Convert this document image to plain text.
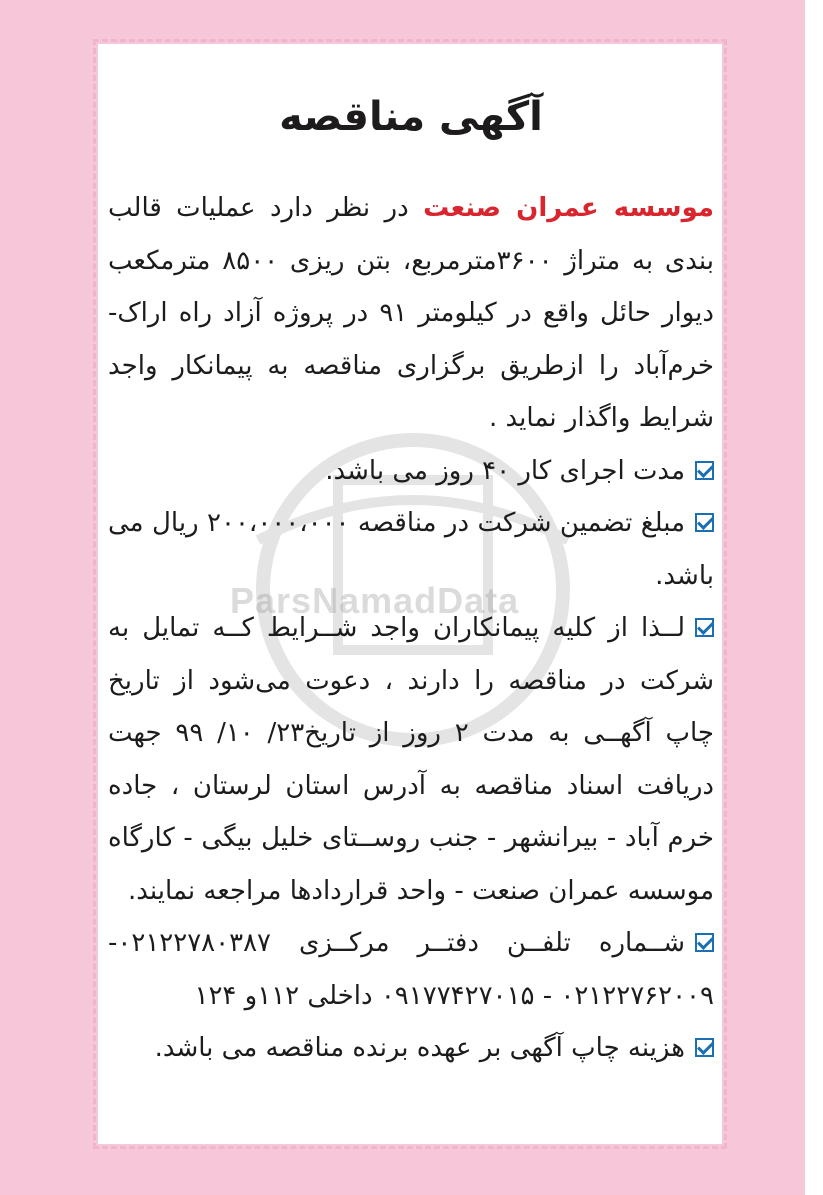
ParsNamadData
آگهی مناقصه

موسسه عمران صنعت در نظر دارد عملیات قالب بندی به متراژ ۳۶۰۰مترمربع، بتن ریزی ۸۵۰۰ مترمکعب دیوار حائل واقع در کیلومتر ۹۱ در پروژه آزاد راه اراک- خرم‌آباد را ازطریق برگزاری مناقصه به پیمانکار واجد شرایط واگذار نماید .

مدت اجرای کار ۴۰ روز می باشد.

مبلغ تضمین شرکت در مناقصه ۲۰۰،۰۰۰،۰۰۰ ریال می باشد.

لــذا از کلیه پیمانکاران واجد شــرایط کــه تمایل به شرکت در مناقصه را دارند ، دعوت می‌شود از تاریخ چاپ آگهــی به مدت ۲ روز از تاریخ۲۳/ ۱۰/ ۹۹ جهت دریافت اسناد مناقصه به آدرس استان لرستان ، جاده خرم آباد - بیرانشهر - جنب روســتای خلیل بیگی - کارگاه موسسه عمران صنعت - واحد قراردادها مراجعه نمایند.

شــماره تلفــن دفتــر مرکــزی ۰۲۱۲۲۷۸۰۳۸۷- ۰۲۱۲۲۷۶۲۰۰۹ - ۰۹۱۷۷۴۲۷۰۱۵ داخلی ۱۱۲و ۱۲۴

هزینه چاپ آگهی بر عهده برنده مناقصه می باشد.
